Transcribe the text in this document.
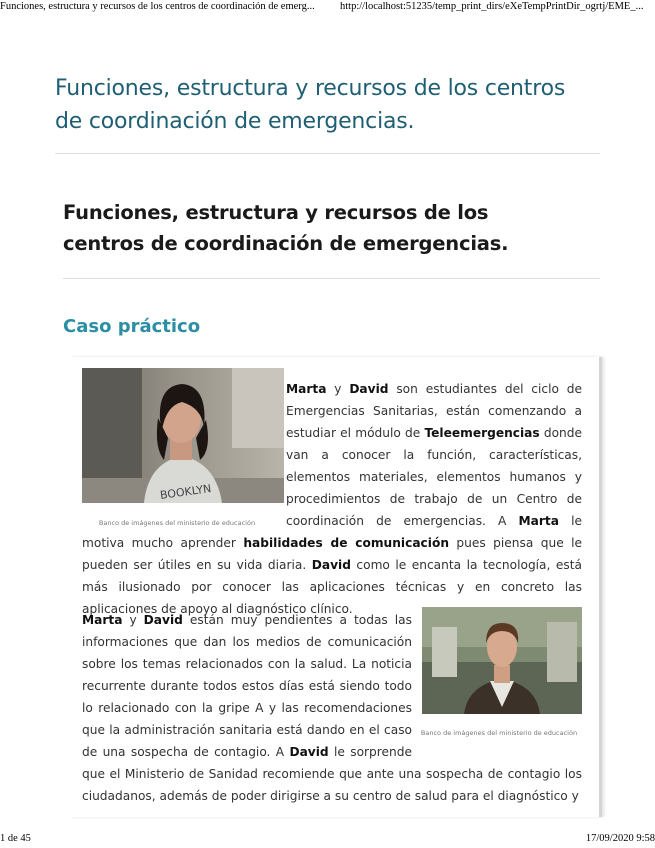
Funciones, estructura y recursos de los centros de coordinación de emerg... http://localhost:51235/temp_print_dirs/eXeTempPrintDir_ogrtj/EME_...
Funciones, estructura y recursos de los centros de coordinación de emergencias.
Funciones, estructura y recursos de los centros de coordinación de emergencias.
Caso práctico
BOOKLYN
Banco de imágenes del ministerio de educación
Marta y David son estudiantes del ciclo de Emergencias Sanitarias, están comenzando a estudiar el módulo de Teleemergencias donde van a conocer la función, características, elementos materiales, elementos humanos y procedimientos de trabajo de un Centro de coordinación de emergencias. A Marta le motiva mucho aprender habilidades de comunicación pues piensa que le pueden ser útiles en su vida diaria. David como le encanta la tecnología, está más ilusionado por conocer las aplicaciones técnicas y en concreto las aplicaciones de apoyo al diagnóstico clínico.
Banco de imágenes del ministerio de educación
Marta y David están muy pendientes a todas las informaciones que dan los medios de comunicación sobre los temas relacionados con la salud. La noticia recurrente durante todos estos días está siendo todo lo relacionado con la gripe A y las recomendaciones que la administración sanitaria está dando en el caso de una sospecha de contagio. A David le sorprende que el Ministerio de Sanidad recomiende que ante una sospecha de contagio los ciudadanos, además de poder dirigirse a su centro de salud para el diagnóstico y
1 de 45	17/09/2020 9:58
